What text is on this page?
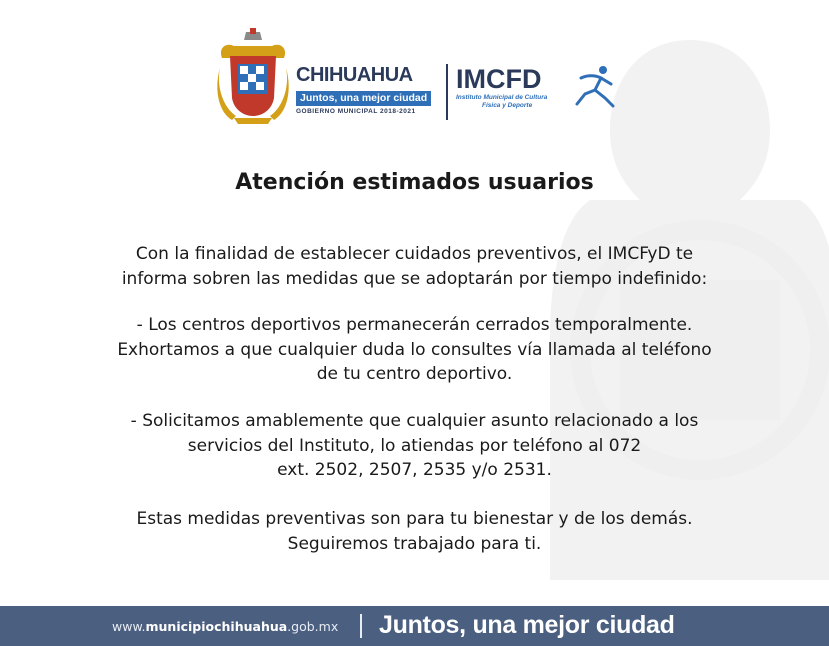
CHIHUAHUA
Juntos, una mejor ciudad
GOBIERNO MUNICIPAL 2018-2021
IMCFD
Instituto Municipal de Cultura
Física y Deporte
Atención estimados usuarios
Con la finalidad de establecer cuidados preventivos, el IMCFyD te
informa sobren las medidas que se adoptarán por tiempo indefinido:
- Los centros deportivos permanecerán cerrados temporalmente.
Exhortamos a que cualquier duda lo consultes vía llamada al teléfono
de tu centro deportivo.
- Solicitamos amablemente que cualquier asunto relacionado a los
servicios del Instituto, lo atiendas por teléfono al 072
ext. 2502, 2507, 2535 y/o 2531.
Estas medidas preventivas son para tu bienestar y de los demás.
Seguiremos trabajado para ti.
www.municipiochihuahua.gob.mx Juntos, una mejor ciudad
